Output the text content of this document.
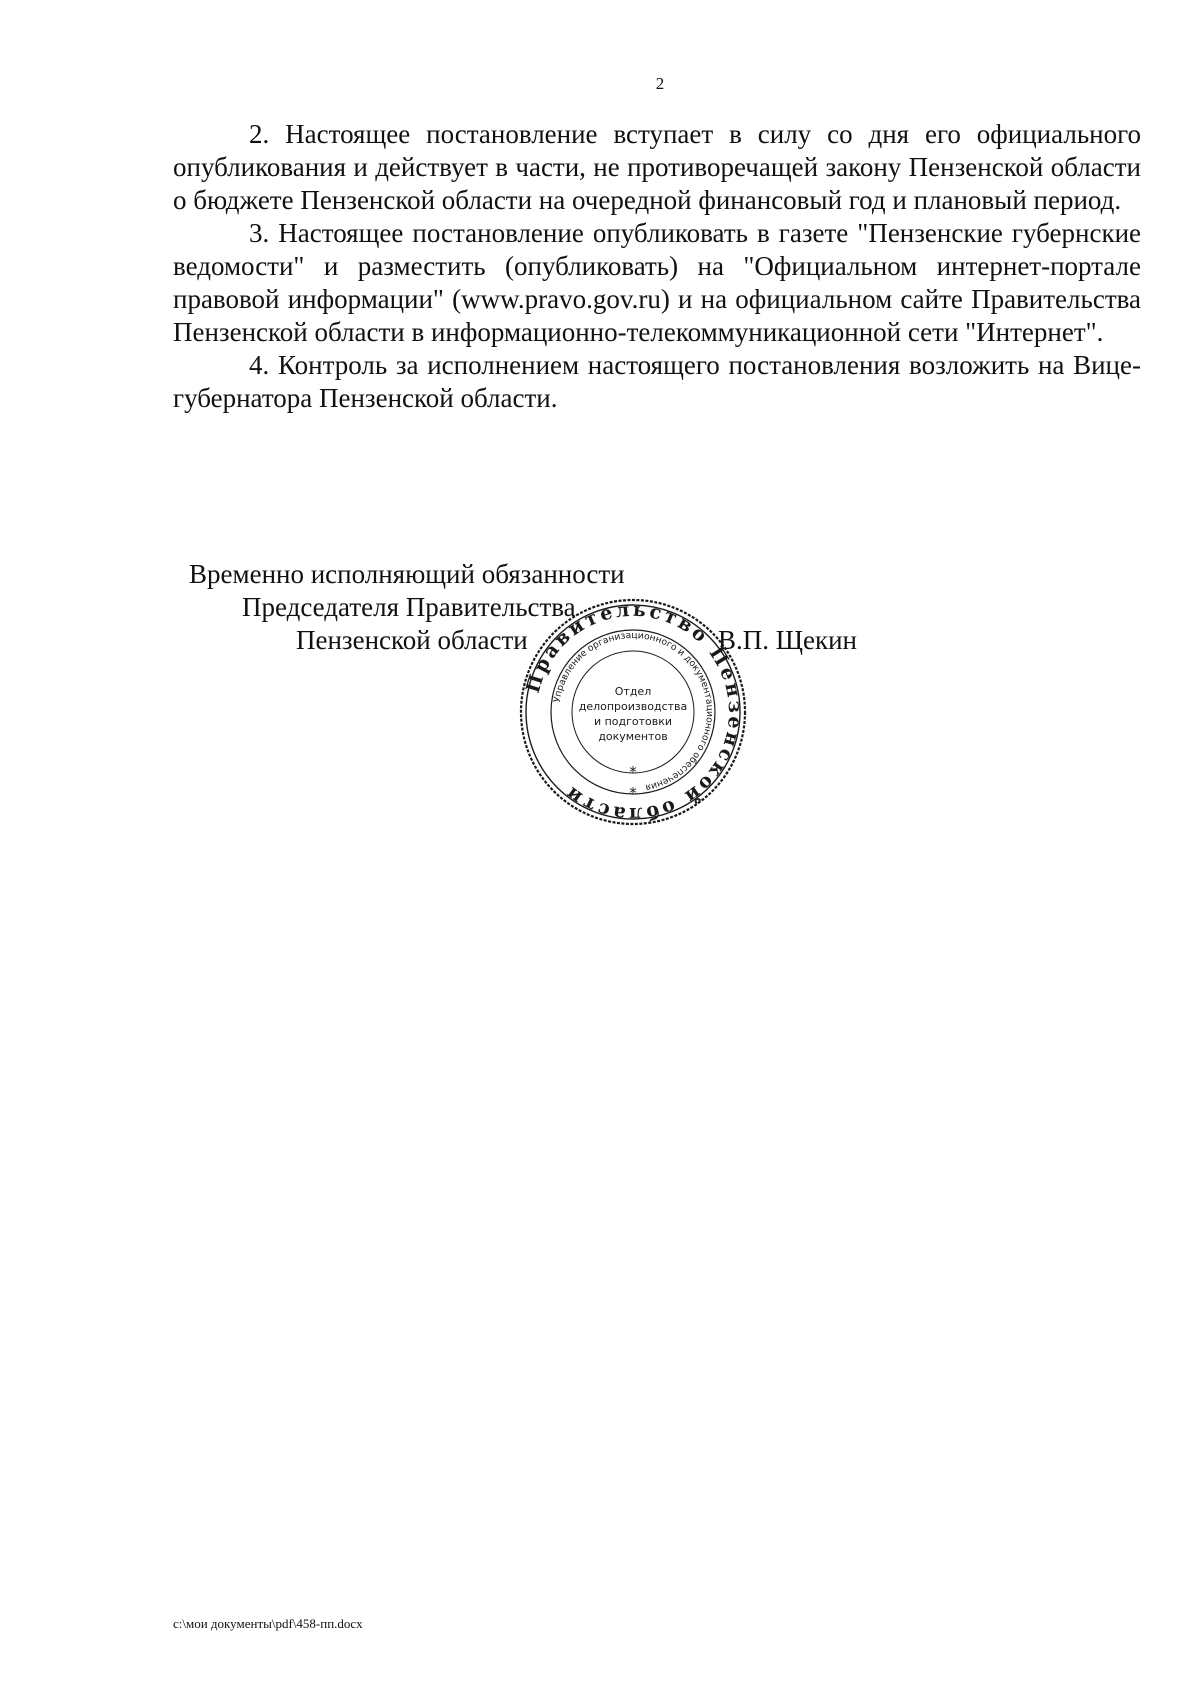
2

2. Настоящее постановление вступает в силу со дня его официального опубликования и действует в части, не противоречащей закону Пензенской области о бюджете Пензенской области на очередной финансовый год и плановый период.

3. Настоящее постановление опубликовать в газете "Пензенские губернские ведомости" и разместить (опубликовать) на "Официальном интернет-портале правовой информации" (www.pravo.gov.ru) и на официальном сайте Правительства Пензенской области в информационно-телекоммуникационной сети "Интернет".

4. Контроль за исполнением настоящего постановления возложить на Вице-губернатора Пензенской области.

Временно исполняющий обязанности
Председателя Правительства
Пензенской области	В.П. Щекин
Правительство Пензенской области
Управление организационного и документационного обеспечения
Отдел
делопроизводства
и подготовки
документов
*
*
c:\мои документы\pdf\458-пп.docx
